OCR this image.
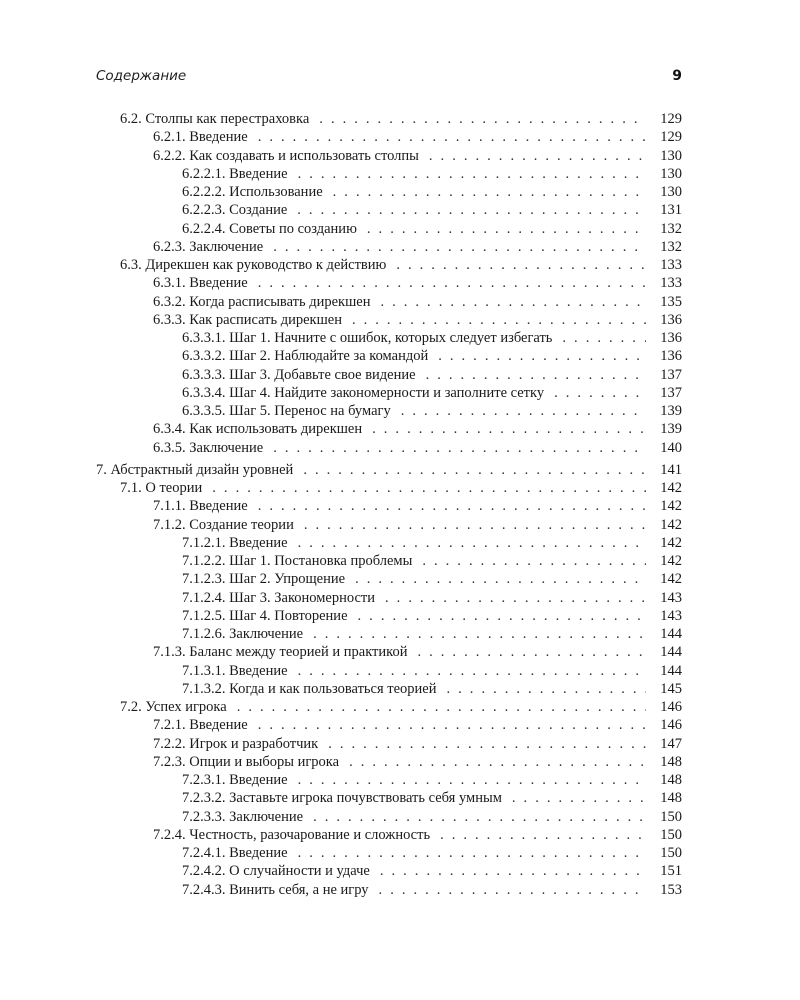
Содержание	9
6.2. Столпы как перестраховка . . .	129
6.2.1. Введение . . .	129
6.2.2. Как создавать и использовать столпы . . .	130
6.2.2.1. Введение . . .	130
6.2.2.2. Использование . . .	130
6.2.2.3. Создание . . .	131
6.2.2.4. Советы по созданию . . .	132
6.2.3. Заключение . . .	132
6.3. Дирекшен как руководство к действию . . .	133
6.3.1. Введение . . .	133
6.3.2. Когда расписывать дирекшен . . .	135
6.3.3. Как расписать дирекшен . . .	136
6.3.3.1. Шаг 1. Начните с ошибок, которых следует избегать . . .	136
6.3.3.2. Шаг 2. Наблюдайте за командой . . .	136
6.3.3.3. Шаг 3. Добавьте свое видение . . .	137
6.3.3.4. Шаг 4. Найдите закономерности и заполните сетку . . .	137
6.3.3.5. Шаг 5. Перенос на бумагу . . .	139
6.3.4. Как использовать дирекшен . . .	139
6.3.5. Заключение . . .	140
7. Абстрактный дизайн уровней . . .	141
7.1. О теории . . .	142
7.1.1. Введение . . .	142
7.1.2. Создание теории . . .	142
7.1.2.1. Введение . . .	142
7.1.2.2. Шаг 1. Постановка проблемы . . .	142
7.1.2.3. Шаг 2. Упрощение . . .	142
7.1.2.4. Шаг 3. Закономерности . . .	143
7.1.2.5. Шаг 4. Повторение . . .	143
7.1.2.6. Заключение . . .	144
7.1.3. Баланс между теорией и практикой . . .	144
7.1.3.1. Введение . . .	144
7.1.3.2. Когда и как пользоваться теорией . . .	145
7.2. Успех игрока . . .	146
7.2.1. Введение . . .	146
7.2.2. Игрок и разработчик . . .	147
7.2.3. Опции и выборы игрока . . .	148
7.2.3.1. Введение . . .	148
7.2.3.2. Заставьте игрока почувствовать себя умным . . .	148
7.2.3.3. Заключение . . .	150
7.2.4. Честность, разочарование и сложность . . .	150
7.2.4.1. Введение . . .	150
7.2.4.2. О случайности и удаче . . .	151
7.2.4.3. Винить себя, а не игру . . .	153
